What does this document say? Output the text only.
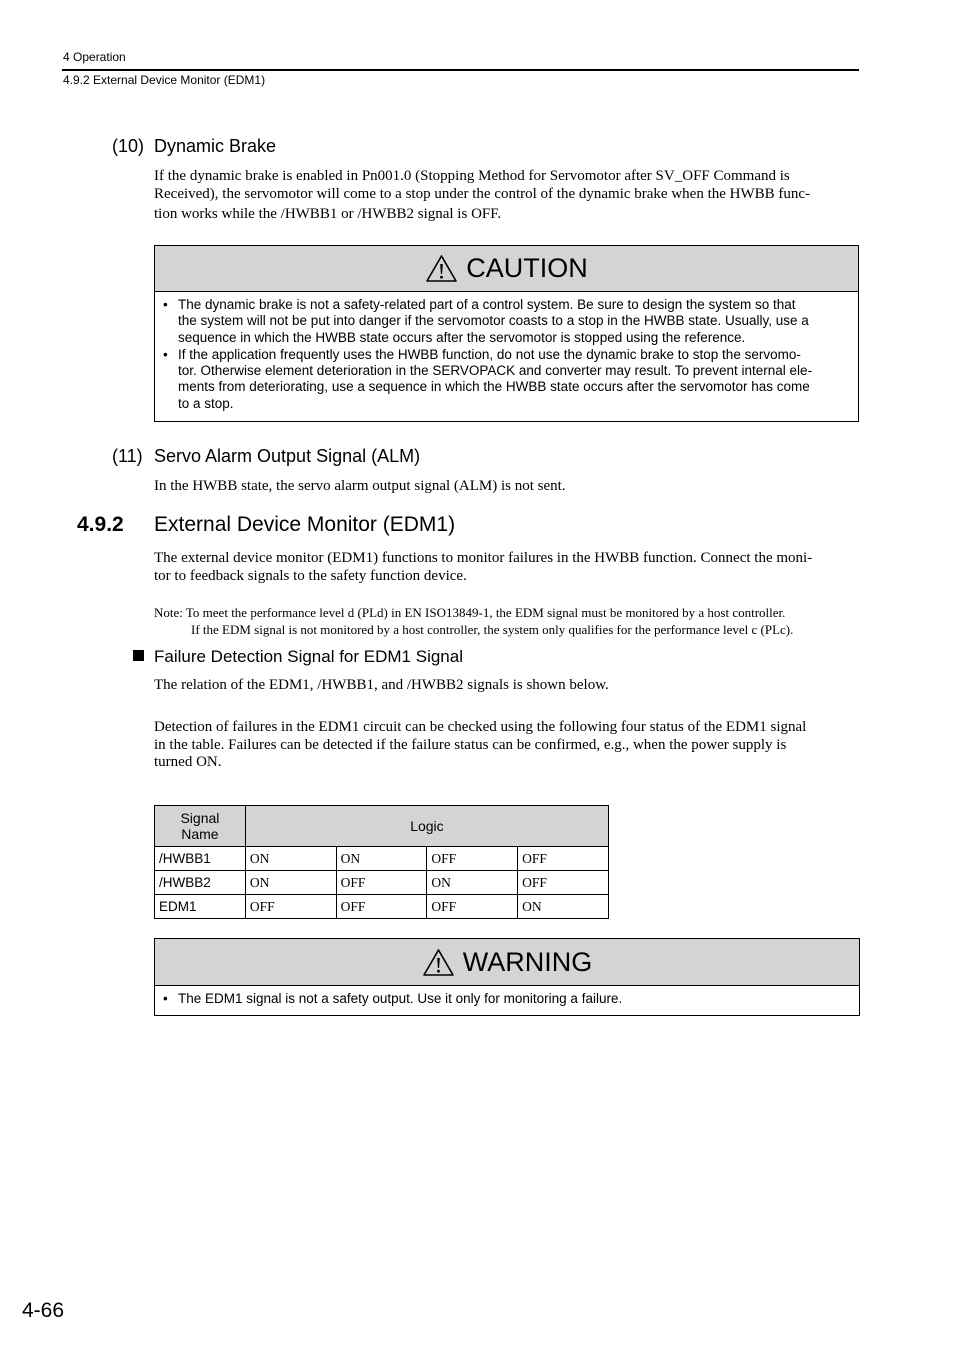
4 Operation
4.9.2 External Device Monitor (EDM1)
(10) Dynamic Brake
If the dynamic brake is enabled in Pn001.0 (Stopping Method for Servomotor after SV_OFF Command is
Received), the servomotor will come to a stop under the control of the dynamic brake when the HWBB func-
tion works while the /HWBB1 or /HWBB2 signal is OFF.
CAUTION
• The dynamic brake is not a safety-related part of a control system. Be sure to design the system so that
the system will not be put into danger if the servomotor coasts to a stop in the HWBB state. Usually, use a
sequence in which the HWBB state occurs after the servomotor is stopped using the reference.
• If the application frequently uses the HWBB function, do not use the dynamic brake to stop the servomo-
tor. Otherwise element deterioration in the SERVOPACK and converter may result. To prevent internal ele-
ments from deteriorating, use a sequence in which the HWBB state occurs after the servomotor has come
to a stop.
(11) Servo Alarm Output Signal (ALM)
In the HWBB state, the servo alarm output signal (ALM) is not sent.
4.9.2 External Device Monitor (EDM1)
The external device monitor (EDM1) functions to monitor failures in the HWBB function. Connect the moni-
tor to feedback signals to the safety function device.
Note: To meet the performance level d (PLd) in EN ISO13849-1, the EDM signal must be monitored by a host controller.
If the EDM signal is not monitored by a host controller, the system only qualifies for the performance level c (PLc).
Failure Detection Signal for EDM1 Signal
The relation of the EDM1, /HWBB1, and /HWBB2 signals is shown below.
Detection of failures in the EDM1 circuit can be checked using the following four status of the EDM1 signal
in the table. Failures can be detected if the failure status can be confirmed, e.g., when the power supply is
turned ON.
Signal
Name	Logic			
/HWBB1	ON	ON	OFF	OFF
/HWBB2	ON	OFF	ON	OFF
EDM1	OFF	OFF	OFF	ON
WARNING
• The EDM1 signal is not a safety output. Use it only for monitoring a failure.
4-66
